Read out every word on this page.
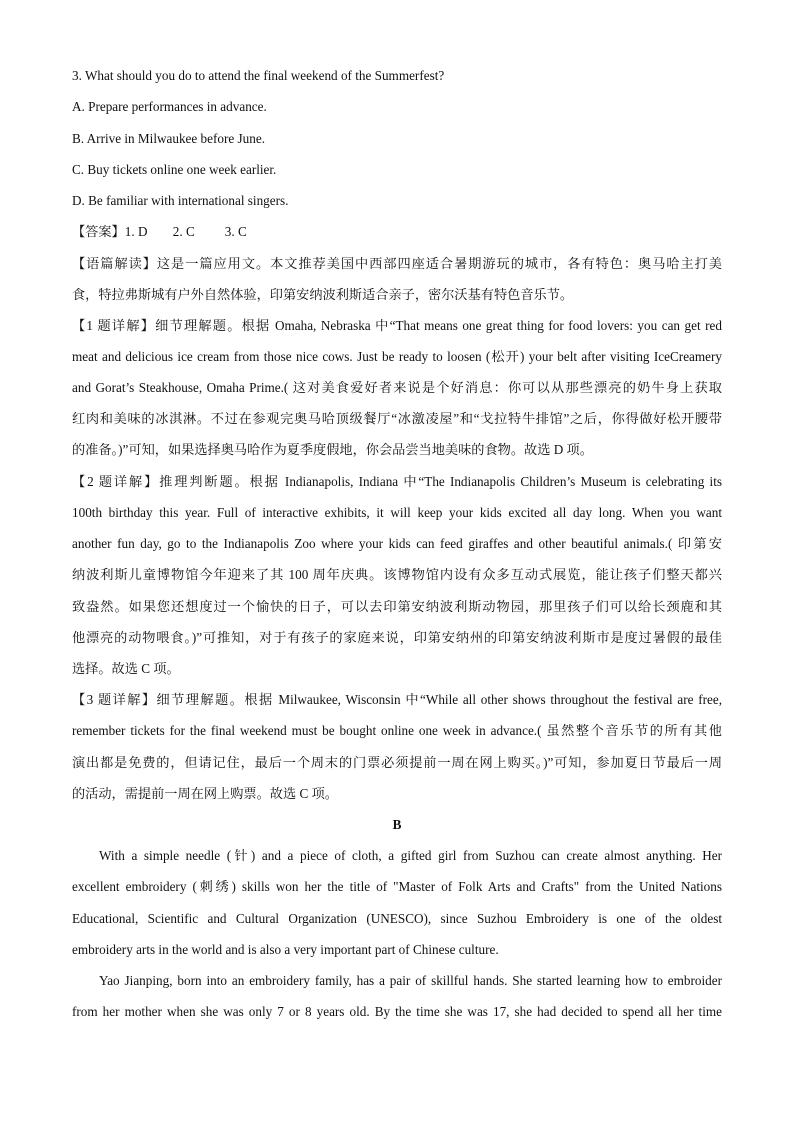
3. What should you do to attend the final weekend of the Summerfest?
A. Prepare performances in advance.
B. Arrive in Milwaukee before June.
C. Buy tickets online one week earlier.
D. Be familiar with international singers.
【答案】1. D 2. C 3. C
【语篇解读】这是一篇应用文。本文推荐美国中西部四座适合暑期游玩的城市，各有特色：奥马哈主打美
食，特拉弗斯城有户外自然体验，印第安纳波利斯适合亲子，密尔沃基有特色音乐节。
【1 题详解】细节理解题。根据 Omaha, Nebraska 中“That means one great thing for food lovers: you can get red
meat and delicious ice cream from those nice cows. Just be ready to loosen (松开) your belt after visiting IceCreamery
and Gorat’s Steakhouse, Omaha Prime.( 这对美食爱好者来说是个好消息：你可以从那些漂亮的奶牛身上获取
红肉和美味的冰淇淋。不过在参观完奥马哈顶级餐厅“冰激凌屋”和“戈拉特牛排馆”之后，你得做好松开腰带
的准备。)”可知，如果选择奥马哈作为夏季度假地，你会品尝当地美味的食物。故选 D 项。
【2 题详解】推理判断题。根据 Indianapolis, Indiana 中“The Indianapolis Children’s Museum is celebrating its
100th birthday this year. Full of interactive exhibits, it will keep your kids excited all day long. When you want
another fun day, go to the Indianapolis Zoo where your kids can feed giraffes and other beautiful animals.( 印第安
纳波利斯儿童博物馆今年迎来了其 100 周年庆典。该博物馆内设有众多互动式展览，能让孩子们整天都兴
致盎然。如果您还想度过一个愉快的日子，可以去印第安纳波利斯动物园，那里孩子们可以给长颈鹿和其
他漂亮的动物喂食。)”可推知，对于有孩子的家庭来说，印第安纳州的印第安纳波利斯市是度过暑假的最佳
选择。故选 C 项。
【3 题详解】细节理解题。根据 Milwaukee, Wisconsin 中“While all other shows throughout the festival are free,
remember tickets for the final weekend must be bought online one week in advance.( 虽然整个音乐节的所有其他
演出都是免费的，但请记住，最后一个周末的门票必须提前一周在网上购买。)”可知，参加夏日节最后一周
的活动，需提前一周在网上购票。故选 C 项。
B
With a simple needle (针) and a piece of cloth, a gifted girl from Suzhou can create almost anything. Her
excellent embroidery (刺绣) skills won her the title of "Master of Folk Arts and Crafts" from the United Nations
Educational, Scientific and Cultural Organization (UNESCO), since Suzhou Embroidery is one of the oldest
embroidery arts in the world and is also a very important part of Chinese culture.
Yao Jianping, born into an embroidery family, has a pair of skillful hands. She started learning how to embroider
from her mother when she was only 7 or 8 years old. By the time she was 17, she had decided to spend all her time
